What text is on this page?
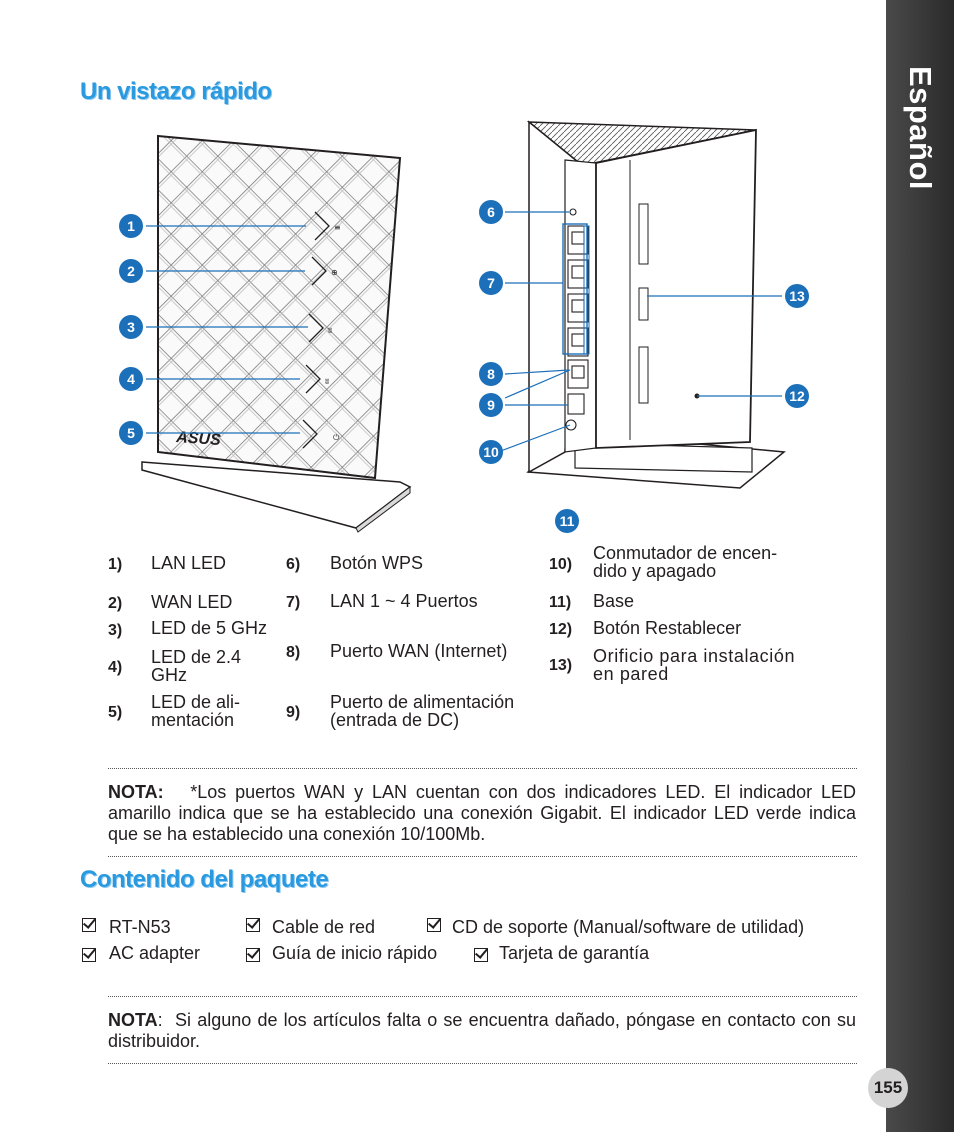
Español
Un vistazo rápido
≡
⊕
ʬ
ʬ
⏻
ASUS
1
2
3
4
5
6
7
8
9
10
11
12
13
1) LAN LED
2) WAN LED
3) LED de 5 GHz
4)
LED de 2.4
GHz
5)
LED de ali-
mentación
6) Botón WPS
7) LAN 1 ~ 4 Puertos
8) Puerto WAN (Internet)
9)
Puerto de alimentación
(entrada de DC)
10)
Conmutador de encen-
dido y apagado
11) Base
12) Botón Restablecer
13) Orificio para instalación
en pared
NOTA: *Los puertos WAN y LAN cuentan con dos indicadores LED. El indicador LED amarillo indica que se ha establecido una conexión Gigabit. El indicador LED verde indica que se ha establecido una conexión 10/100Mb.
Contenido del paquete
RT-N53	Cable de red	CD de soporte (Manual/software de utilidad)
AC adapter	Guía de inicio rápido	Tarjeta de garantía
NOTA:  Si alguno de los artículos falta o se encuentra dañado, póngase en contacto con su distribuidor.
155
